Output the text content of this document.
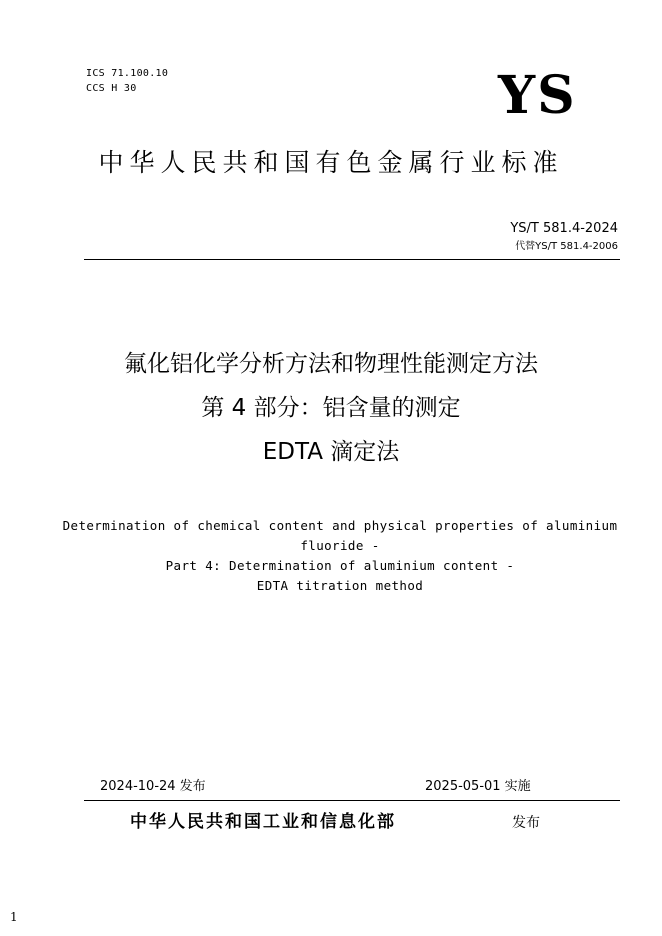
ICS 71.100.10
CCS H 30	YS
中华人民共和国有色金属行业标准
YS/T 581.4-2024
代替YS/T 581.4-2006
氟化铝化学分析方法和物理性能测定方法
第 4 部分：铝含量的测定
EDTA 滴定法
Determination of chemical content and physical properties of aluminium
fluoride -
Part 4: Determination of aluminium content -
EDTA titration method
2024-10-24 发布	2025-05-01 实施
中华人民共和国工业和信息化部	发布
1
